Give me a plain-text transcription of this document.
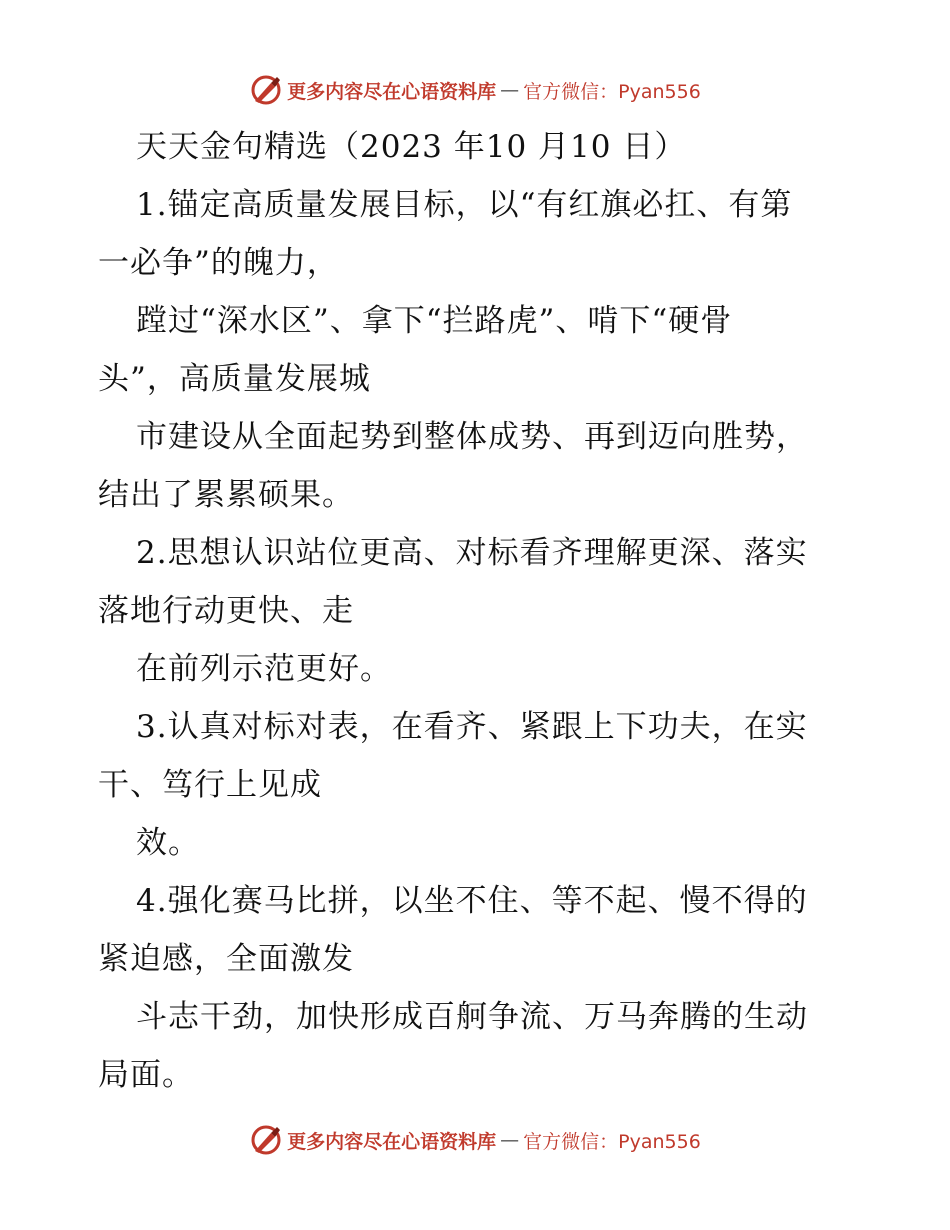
更多内容尽在心语资料库 — 官方微信：Pyan556
天天金句精选（2023 年10 月10 日）
1.锚定高质量发展目标，以“有红旗必扛、有第
一必争”的魄力，
蹚过“深水区”、拿下“拦路虎”、啃下“硬骨
头”，高质量发展城
市建设从全面起势到整体成势、再到迈向胜势，
结出了累累硕果。
2.思想认识站位更高、对标看齐理解更深、落实
落地行动更快、走
在前列示范更好。
3.认真对标对表，在看齐、紧跟上下功夫，在实
干、笃行上见成
效。
4.强化赛马比拼，以坐不住、等不起、慢不得的
紧迫感，全面激发
斗志干劲，加快形成百舸争流、万马奔腾的生动
局面。
更多内容尽在心语资料库 — 官方微信：Pyan556
